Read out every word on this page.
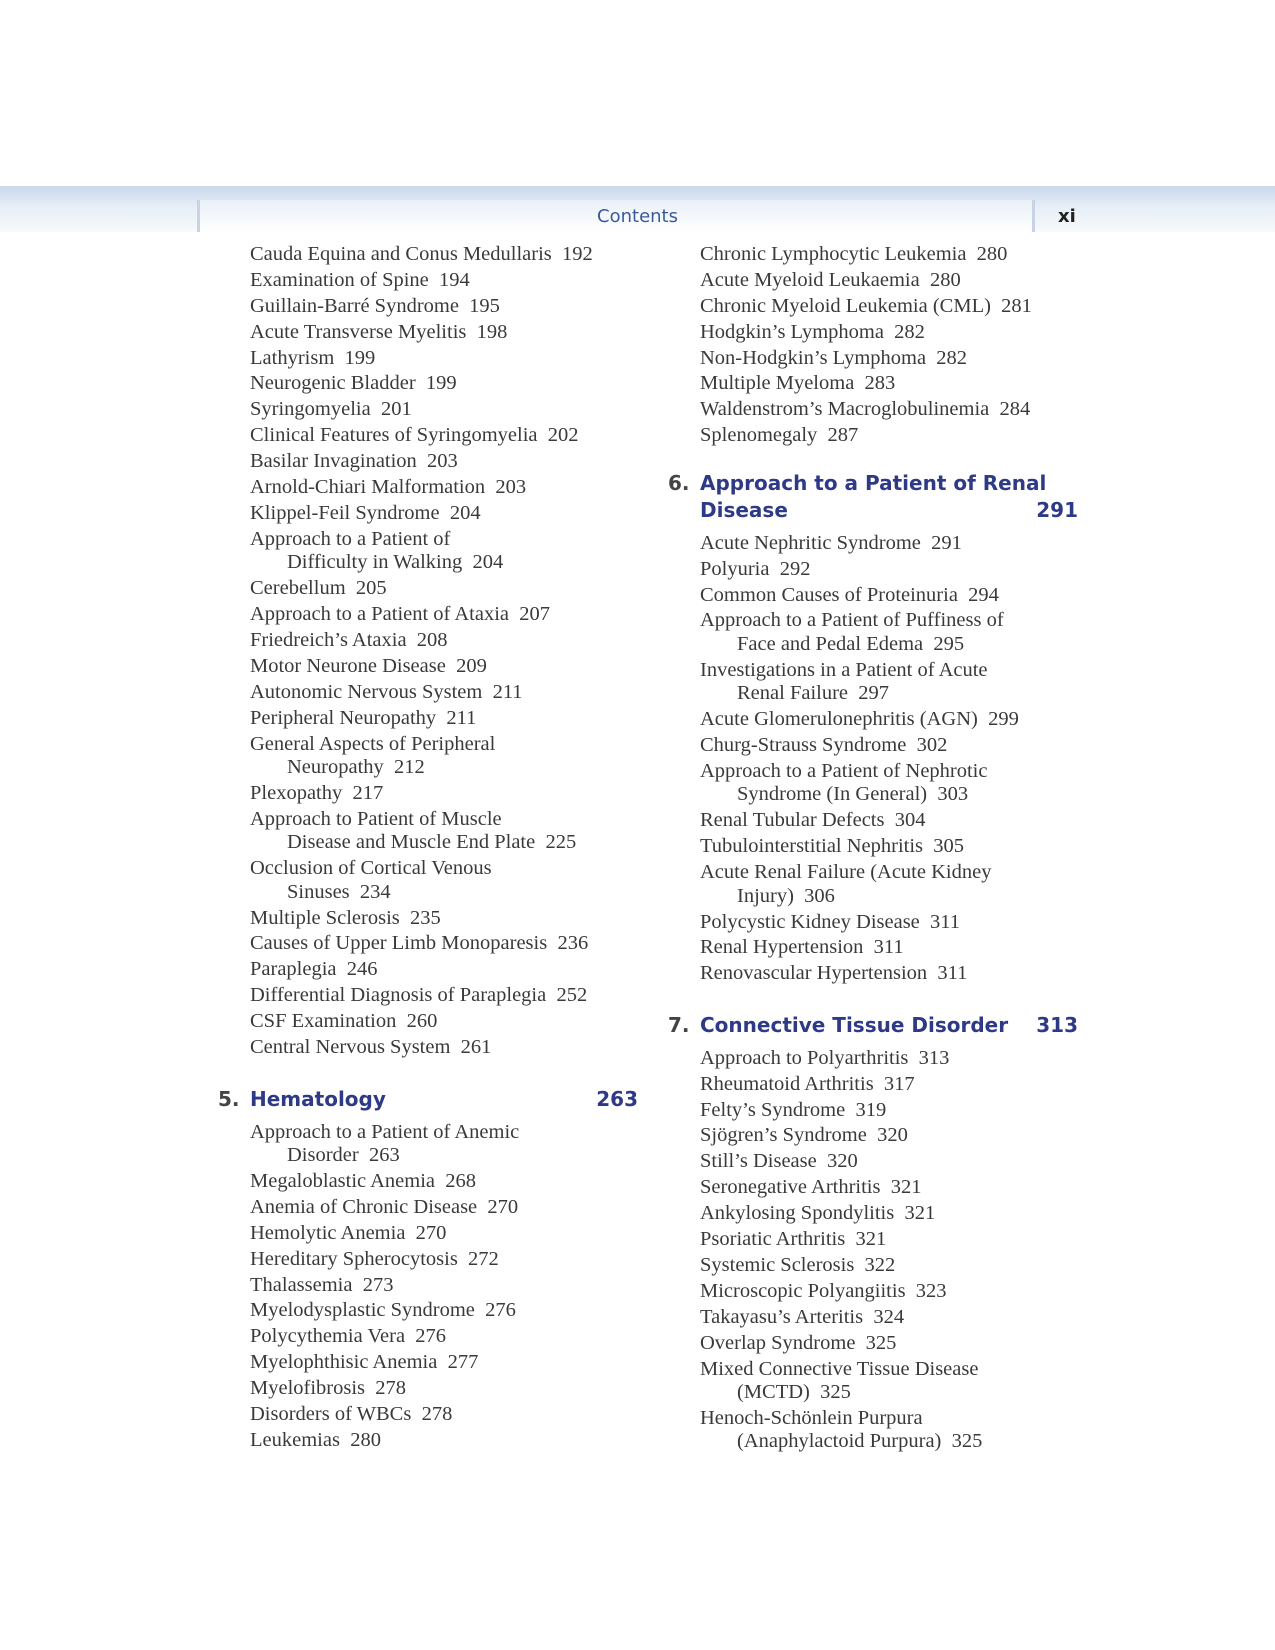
Contents	xi
Cauda Equina and Conus Medullaris  192
Examination of Spine  194
Guillain-Barré Syndrome  195
Acute Transverse Myelitis  198
Lathyrism  199
Neurogenic Bladder  199
Syringomyelia  201
Clinical Features of Syringomyelia  202
Basilar Invagination  203
Arnold-Chiari Malformation  203
Klippel-Feil Syndrome  204
Approach to a Patient of
Difficulty in Walking  204
Cerebellum  205
Approach to a Patient of Ataxia  207
Friedreich’s Ataxia  208
Motor Neurone Disease  209
Autonomic Nervous System  211
Peripheral Neuropathy  211
General Aspects of Peripheral
Neuropathy  212
Plexopathy  217
Approach to Patient of Muscle
Disease and Muscle End Plate  225
Occlusion of Cortical Venous
Sinuses  234
Multiple Sclerosis  235
Causes of Upper Limb Monoparesis  236
Paraplegia  246
Differential Diagnosis of Paraplegia  252
CSF Examination  260
Central Nervous System  261
5. Hematology	263
Approach to a Patient of Anemic
Disorder  263
Megaloblastic Anemia  268
Anemia of Chronic Disease  270
Hemolytic Anemia  270
Hereditary Spherocytosis  272
Thalassemia  273
Myelodysplastic Syndrome  276
Polycythemia Vera  276
Myelophthisic Anemia  277
Myelofibrosis  278
Disorders of WBCs  278
Leukemias  280
Chronic Lymphocytic Leukemia  280
Acute Myeloid Leukaemia  280
Chronic Myeloid Leukemia (CML)  281
Hodgkin’s Lymphoma  282
Non-Hodgkin’s Lymphoma  282
Multiple Myeloma  283
Waldenstrom’s Macroglobulinemia  284
Splenomegaly  287
6. Approach to a Patient of Renal
Disease	291
Acute Nephritic Syndrome  291
Polyuria  292
Common Causes of Proteinuria  294
Approach to a Patient of Puffiness of
Face and Pedal Edema  295
Investigations in a Patient of Acute
Renal Failure  297
Acute Glomerulonephritis (AGN)  299
Churg-Strauss Syndrome  302
Approach to a Patient of Nephrotic
Syndrome (In General)  303
Renal Tubular Defects  304
Tubulointerstitial Nephritis  305
Acute Renal Failure (Acute Kidney
Injury)  306
Polycystic Kidney Disease  311
Renal Hypertension  311
Renovascular Hypertension  311
7. Connective Tissue Disorder	313
Approach to Polyarthritis  313
Rheumatoid Arthritis  317
Felty’s Syndrome  319
Sjögren’s Syndrome  320
Still’s Disease  320
Seronegative Arthritis  321
Ankylosing Spondylitis  321
Psoriatic Arthritis  321
Systemic Sclerosis  322
Microscopic Polyangiitis  323
Takayasu’s Arteritis  324
Overlap Syndrome  325
Mixed Connective Tissue Disease
(MCTD)  325
Henoch-Schönlein Purpura
(Anaphylactoid Purpura)  325
